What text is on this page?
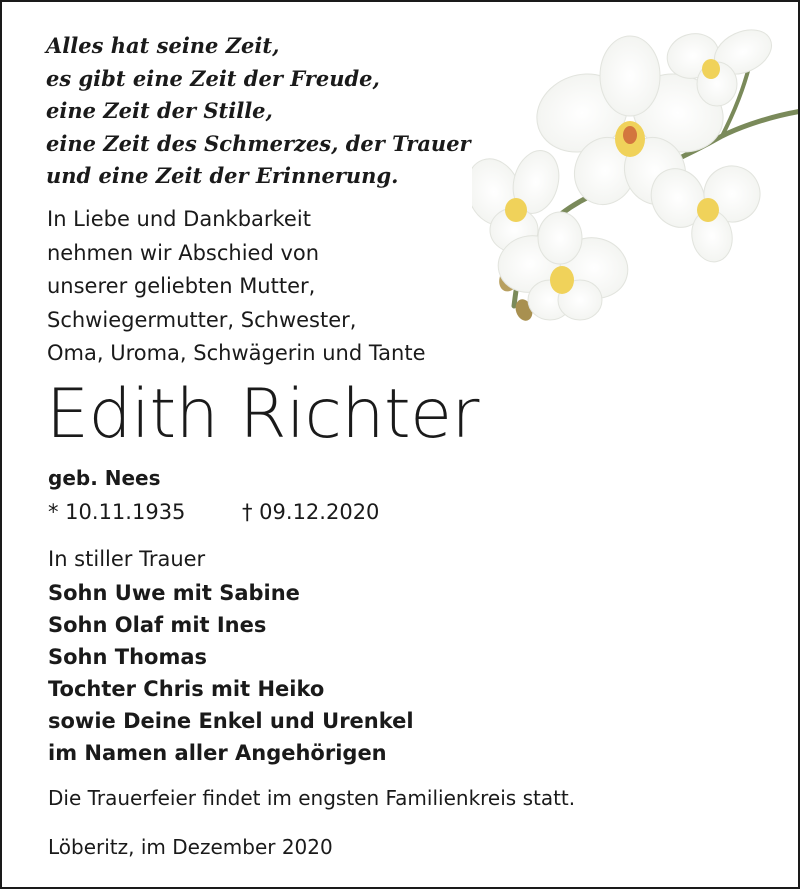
Alles hat seine Zeit,
es gibt eine Zeit der Freude,
eine Zeit der Stille,
eine Zeit des Schmerzes, der Trauer
und eine Zeit der Erinnerung.
In Liebe und Dankbarkeit
nehmen wir Abschied von
unserer geliebten Mutter,
Schwiegermutter, Schwester,
Oma, Uroma, Schwägerin und Tante
Edith Richter
geb. Nees
* 10.11.1935	† 09.12.2020
In stiller Trauer
Sohn Uwe mit Sabine
Sohn Olaf mit Ines
Sohn Thomas
Tochter Chris mit Heiko
sowie Deine Enkel und Urenkel
im Namen aller Angehörigen
Die Trauerfeier findet im engsten Familienkreis statt.
Löberitz, im Dezember 2020
